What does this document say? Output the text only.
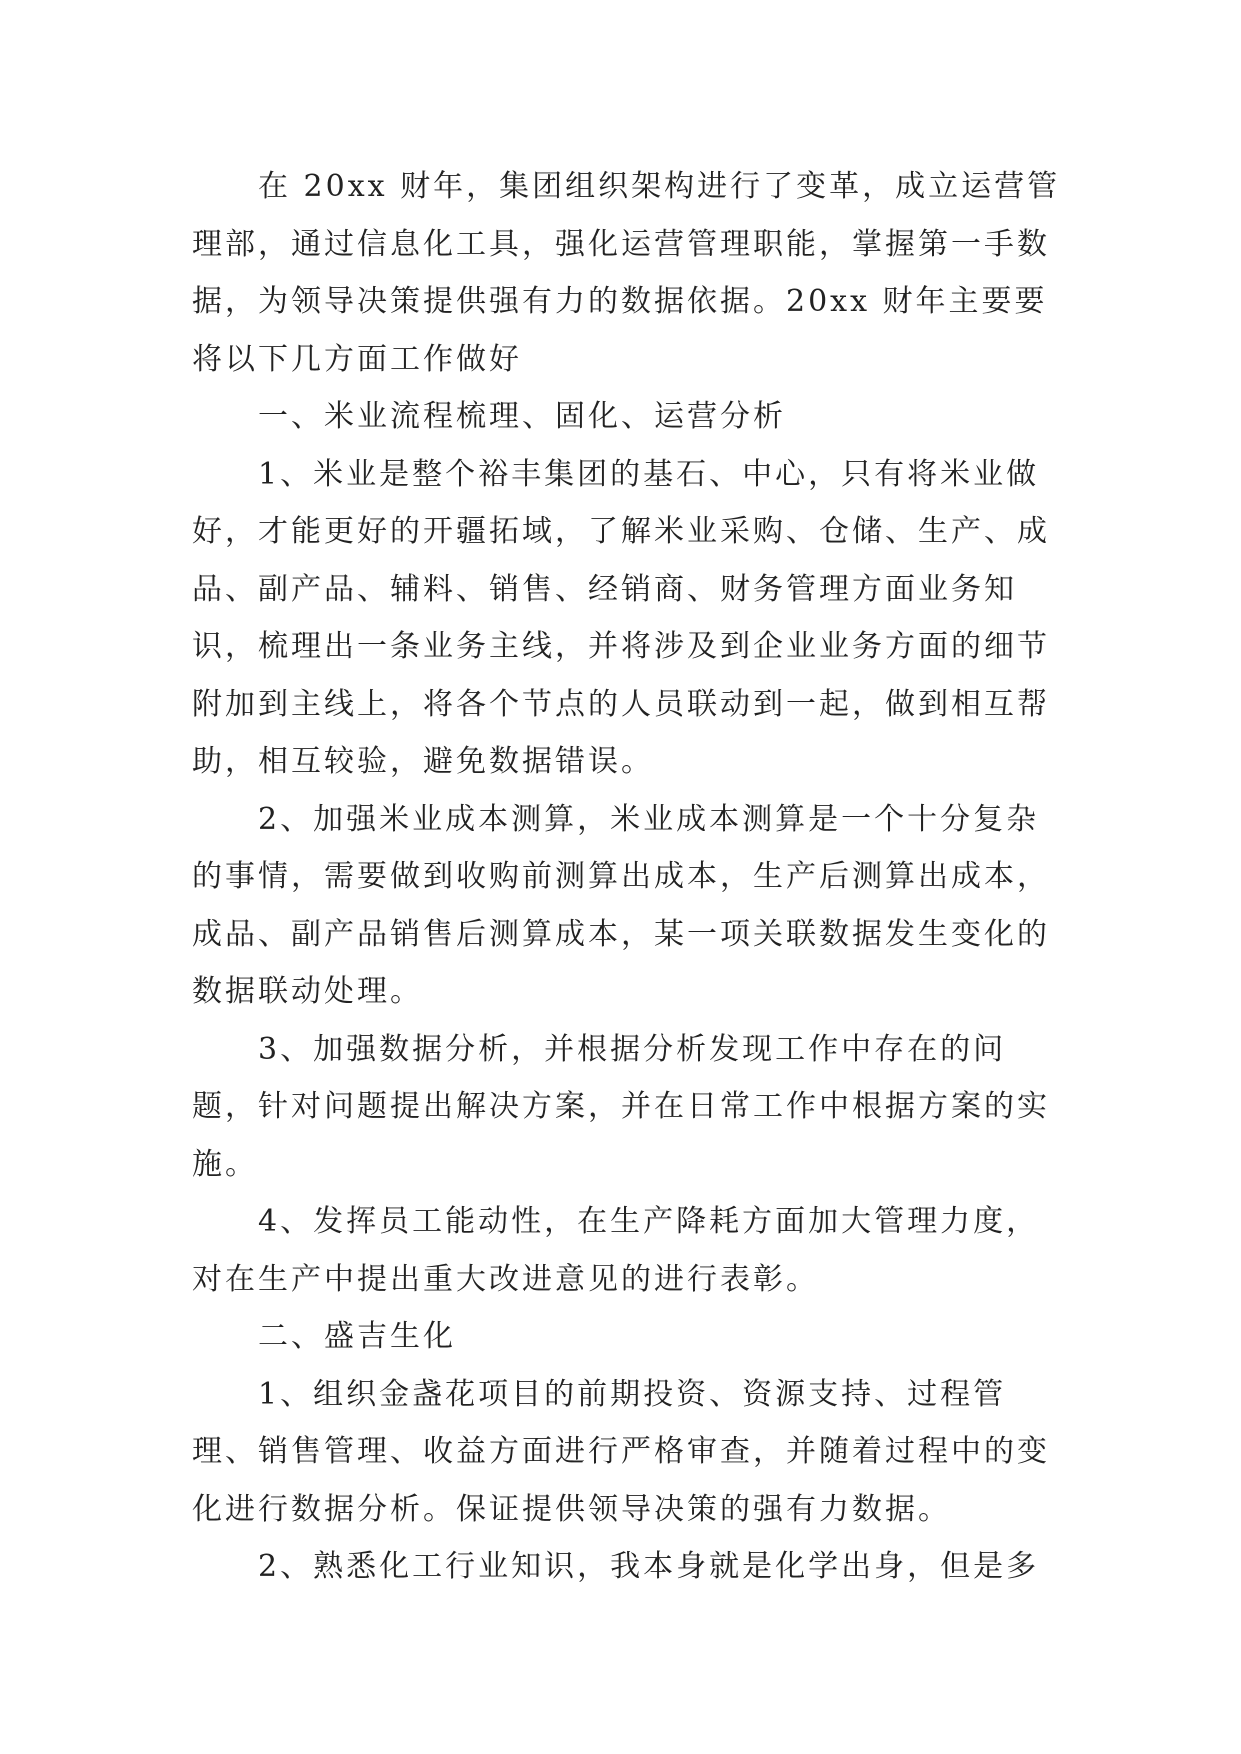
在 20xx 财年，集团组织架构进行了变革，成立运营管理部，通过信息化工具，强化运营管理职能，掌握第一手数据，为领导决策提供强有力的数据依据。20xx 财年主要要将以下几方面工作做好

一、米业流程梳理、固化、运营分析

1、米业是整个裕丰集团的基石、中心，只有将米业做好，才能更好的开疆拓域，了解米业采购、仓储、生产、成品、副产品、辅料、销售、经销商、财务管理方面业务知识，梳理出一条业务主线，并将涉及到企业业务方面的细节附加到主线上，将各个节点的人员联动到一起，做到相互帮助，相互较验，避免数据错误。

2、加强米业成本测算，米业成本测算是一个十分复杂的事情，需要做到收购前测算出成本，生产后测算出成本，成品、副产品销售后测算成本，某一项关联数据发生变化的数据联动处理。

3、加强数据分析，并根据分析发现工作中存在的问题，针对问题提出解决方案，并在日常工作中根据方案的实施。

4、发挥员工能动性，在生产降耗方面加大管理力度，对在生产中提出重大改进意见的进行表彰。

二、盛吉生化

1、组织金盏花项目的前期投资、资源支持、过程管理、销售管理、收益方面进行严格审查，并随着过程中的变化进行数据分析。保证提供领导决策的强有力数据。

2、熟悉化工行业知识，我本身就是化学出身，但是多
